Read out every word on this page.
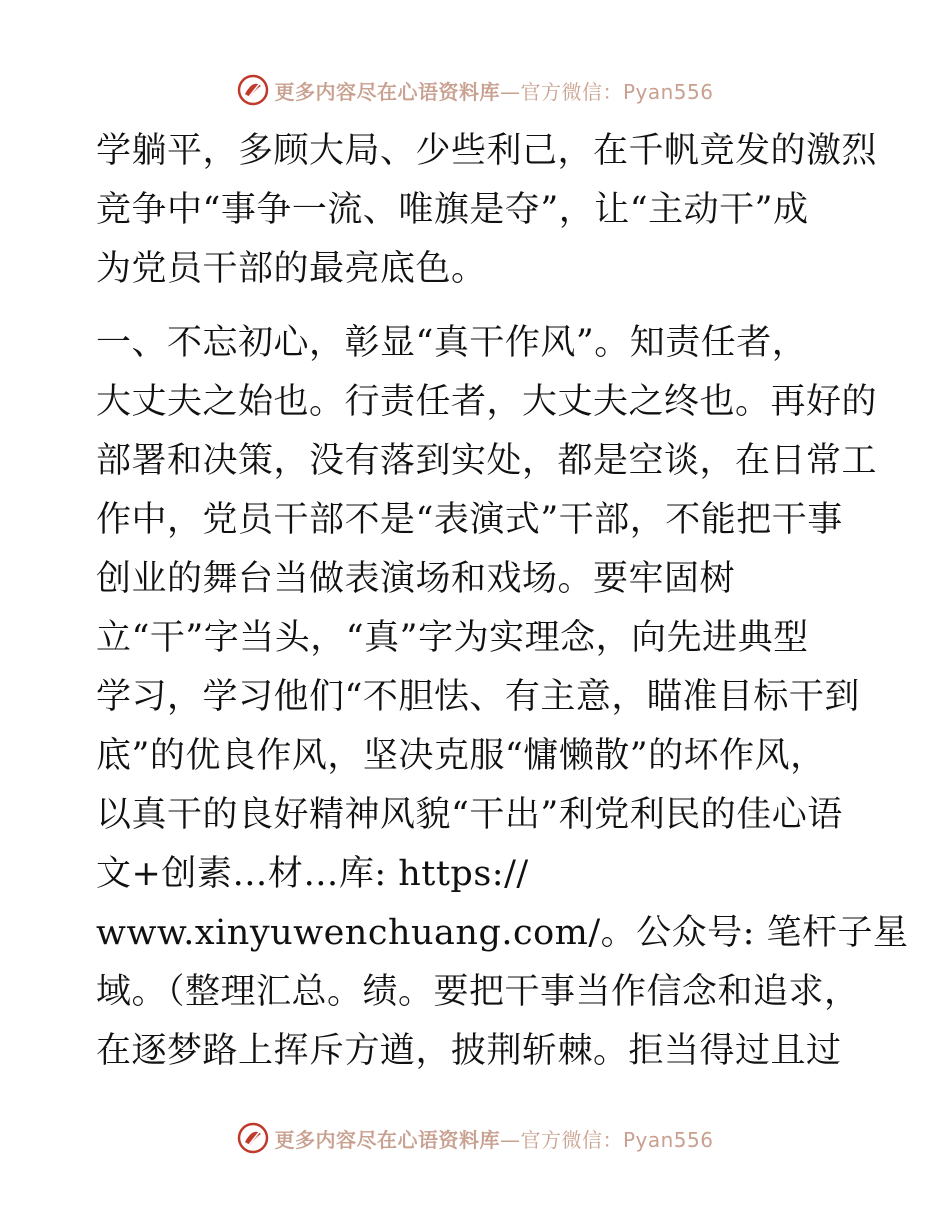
更多内容尽在心语资料库 —官方微信：Pyan556
学躺平，多顾大局、少些利己，在千帆竞发的激烈
竞争中“事争一流、唯旗是夺”，让“主动干”成
为党员干部的最亮底色。
一、不忘初心，彰显“真干作风”。知责任者，
大丈夫之始也。行责任者，大丈夫之终也。再好的
部署和决策，没有落到实处，都是空谈，在日常工
作中，党员干部不是“表演式”干部，不能把干事
创业的舞台当做表演场和戏场。要牢固树
立“干”字当头，“真”字为实理念，向先进典型
学习，学习他们“不胆怯、有主意，瞄准目标干到
底”的优良作风，坚决克服“慵懒散”的坏作风，
以真干的良好精神风貌“干出”利党利民的佳心语
文+创素…材…库: https://
www.xinyuwenchuang.com/。公众号: 笔杆子星
域。（整理汇总。绩。要把干事当作信念和追求，
在逐梦路上挥斥方遒，披荆斩棘。拒当得过且过
更多内容尽在心语资料库 —官方微信：Pyan556
